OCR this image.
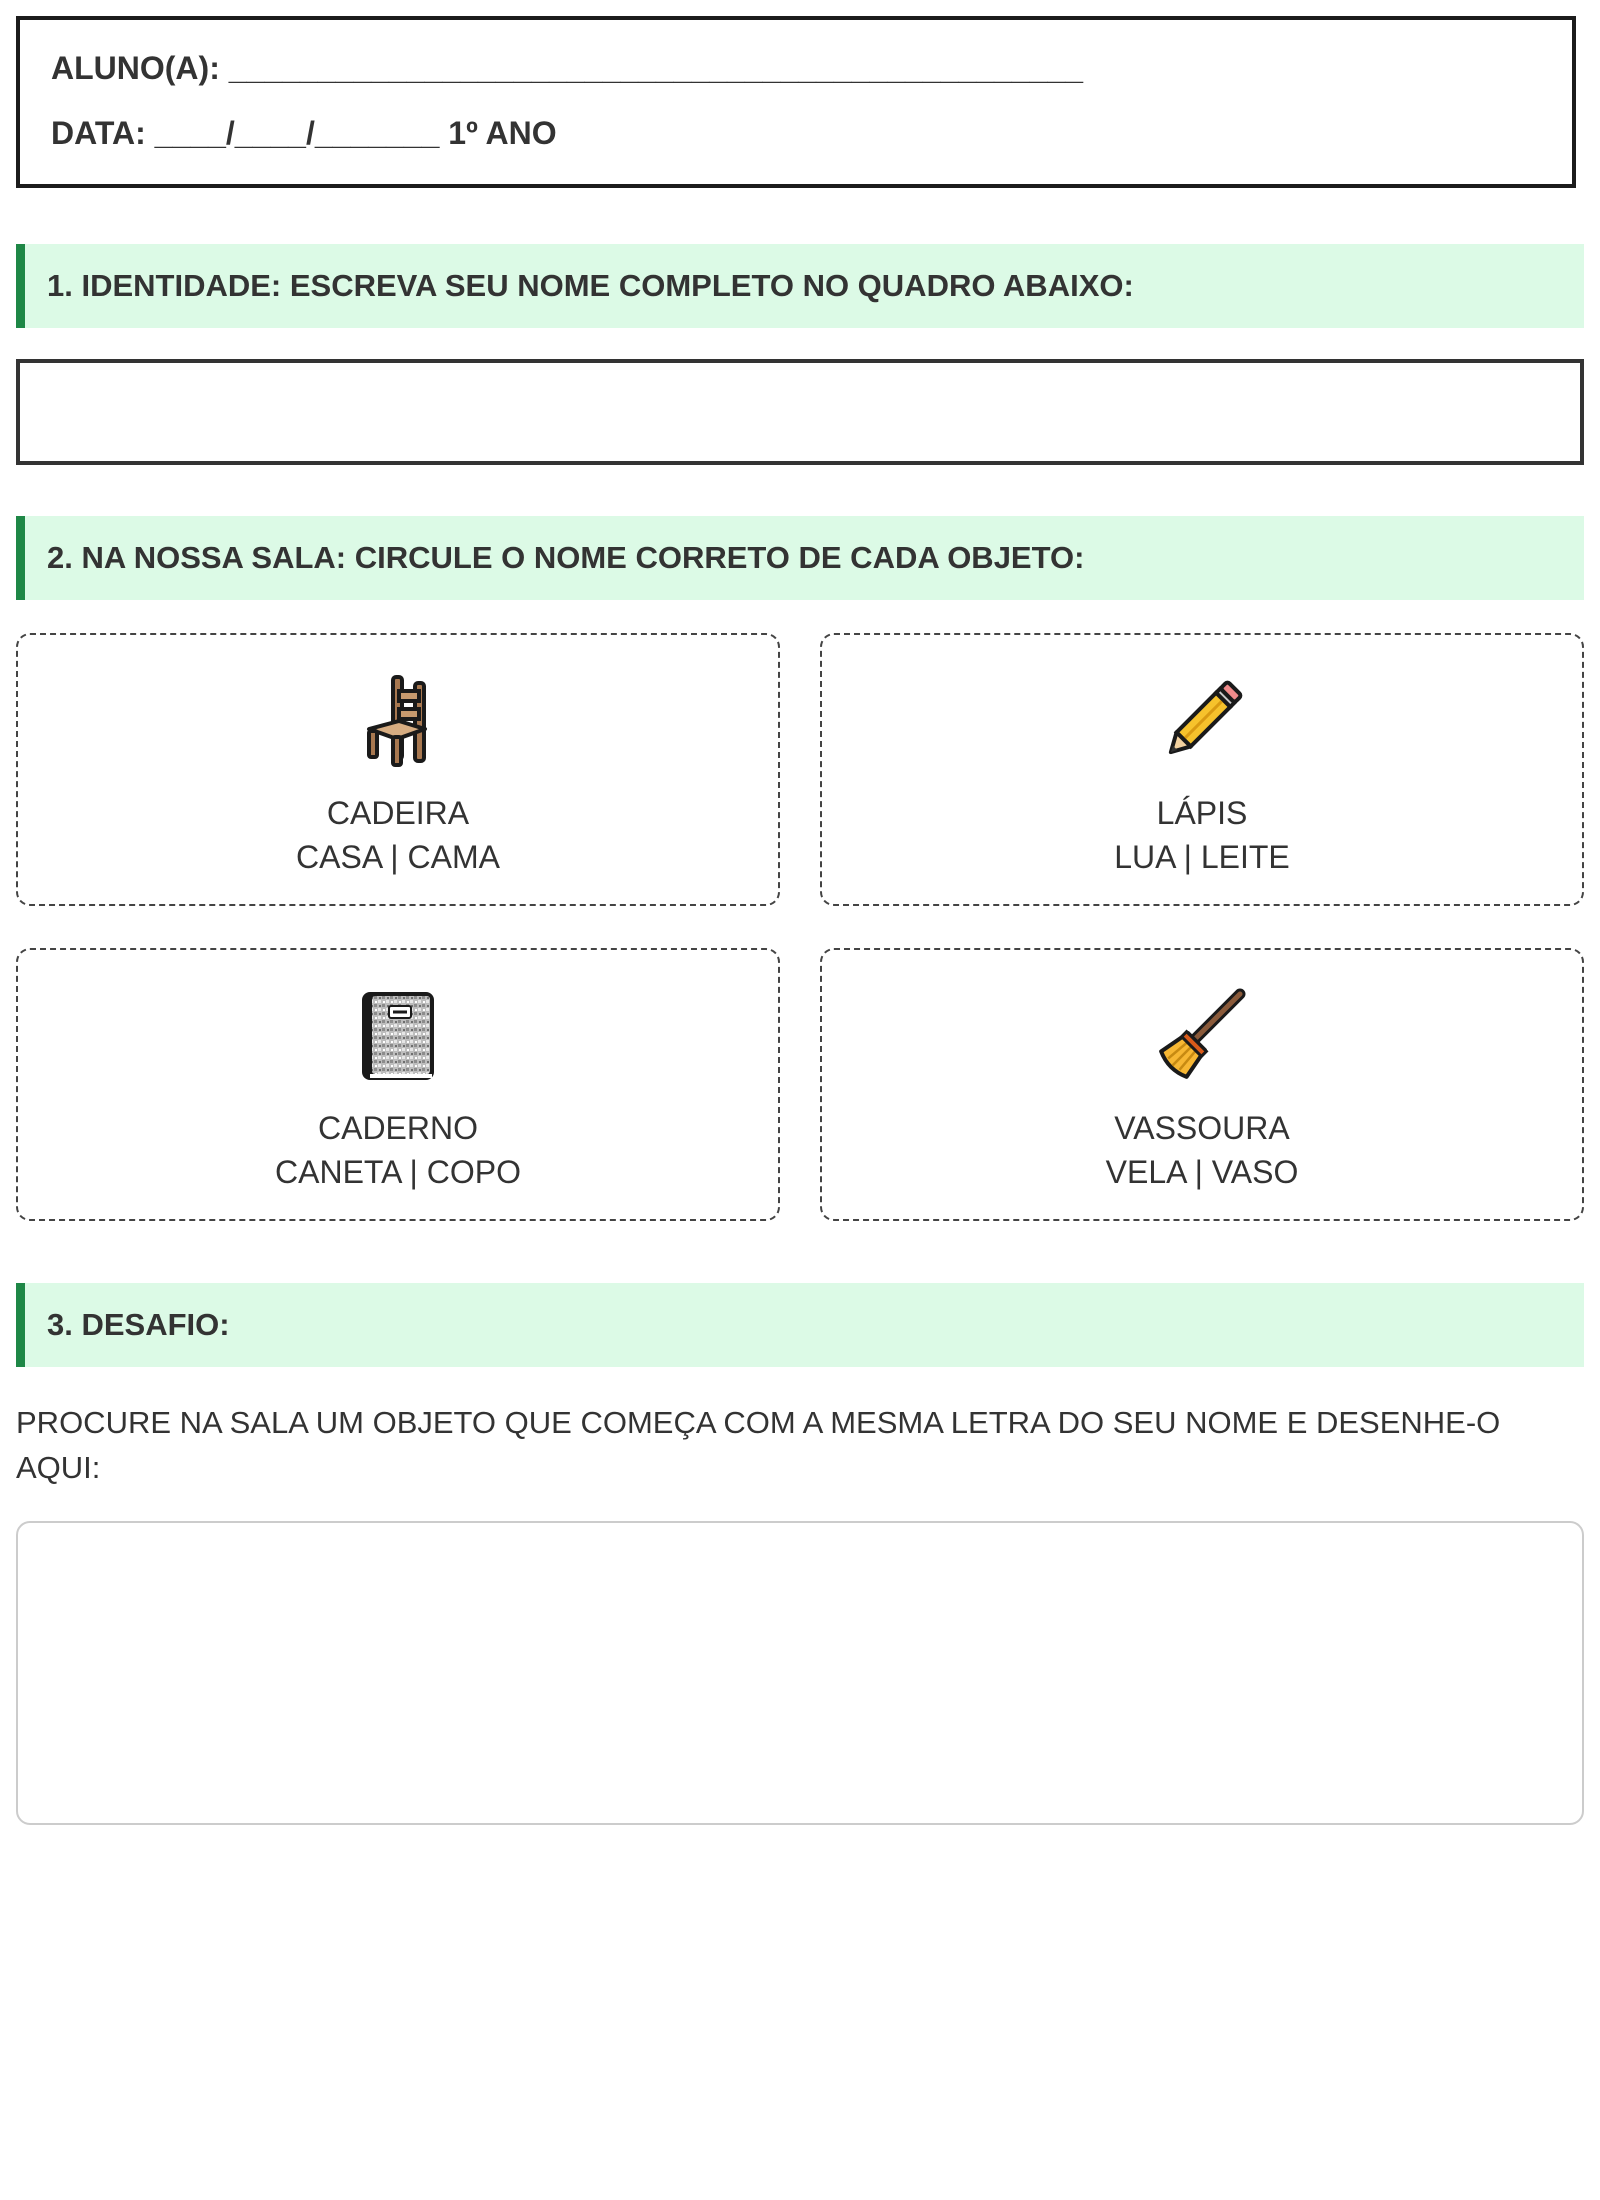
ALUNO(A): ________________________________________________
DATA: ____/____/_______ 1º ANO
1. IDENTIDADE: ESCREVA SEU NOME COMPLETO NO QUADRO ABAIXO:
2. NA NOSSA SALA: CIRCULE O NOME CORRETO DE CADA OBJETO:
CADEIRA
CASA | CAMA
LÁPIS
LUA | LEITE
CADERNO
CANETA | COPO
VASSOURA
VELA | VASO
3. DESAFIO:
PROCURE NA SALA UM OBJETO QUE COMEÇA COM A MESMA LETRA DO SEU NOME E DESENHE-O AQUI:
